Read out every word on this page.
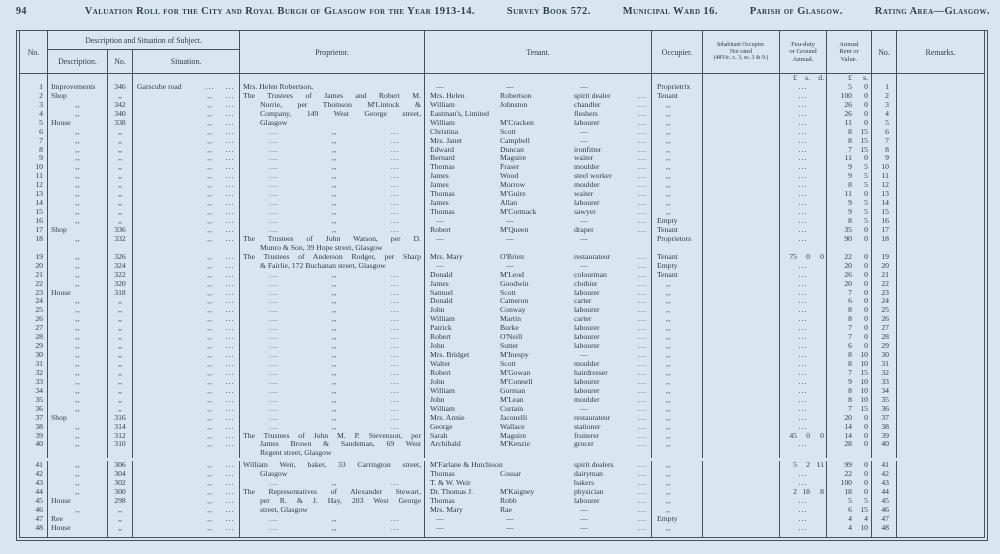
94	Valuation Roll for the City and Royal Burgh of Glasgow for the Year 1913-14.	Survey Book 572.	Municipal Ward 16.	Parish of Glasgow.	Rating Area—Glasgow.
No.
Description and Situation of Subject.
Description.	No.	Situation.
Proprietor.	Tenant.	Occupier.
Inhabitant Occupier.
Not rated
(48Vic. c. 3, ss. 3 & 9.)
Feu-duty
or Ground
Annual.
Annual
Rent or
Value.
No.	Remarks.
£	s.	d.	£	s.
1	Improvements	346	Garscube road	...	...	Mrs. Helen Robertson,	—	—	—	Proprietrix	...	5	0	1
2	Shop	,,	,,	...	The Trustees of James and Robert M.	Mrs. Helen	Robertson	spirit dealer	...	Tenant	...	100	0	2
3	,,	342	,,	...	Norrie, per Thomson M'Lintock &	William	Johnston	chandler	...	,,	...	26	0	3
4	,,	340	,,	...	Company, 149 West George street,	Eastman's, Limited	fleshers	...	,,	...	26	0	4
5	House	338	,,	...	Glasgow	William	M'Cracken	labourer	...	,,	...	11	0	5
6	,,	,,	,,	...	...	,,	...	Christina	Scott	—	...	,,	...	8	15	6
7	,,	,,	,,	...	...	,,	...	Mrs. Janet	Campbell	—	...	,,	...	8	15	7
8	,,	,,	,,	...	...	,,	...	Edward	Duncan	ironfitter	...	,,	...	7	15	8
9	,,	,,	,,	...	...	,,	...	Bernard	Maguire	waiter	...	,,	...	11	0	9
10	,,	,,	,,	...	...	,,	...	Thomas	Fraser	moulder	...	,,	...	9	5	10
11	,,	,,	,,	...	...	,,	...	James	Wood	steel worker	...	,,	...	9	5	11
12	,,	,,	,,	...	...	,,	...	James	Morrow	moulder	...	,,	...	8	5	12
13	,,	,,	,,	...	...	,,	...	Thomas	M'Guire	waiter	...	,,	...	11	0	13
14	,,	,,	,,	...	...	,,	...	James	Allan	labourer	...	,,	...	9	5	14
15	,,	,,	,,	...	...	,,	...	Thomas	M'Cormack	sawyer	...	,,	...	9	5	15
16	,,	,,	,,	...	...	,,	...	—	—	—	...	Empty	...	8	5	16
17	Shop	336	,,	...	...	,,	...	Robert	M'Queen	draper	...	Tenant	...	35	0	17
18	,,	332	,,	...	The Trustees of John Watson, per D.	—	—	—	Proprietors	...	90	0	18
Munro & Son, 39 Hope street, Glasgow
19	,,	326	,,	...	The Trustees of Anderson Rodger, per Sharp	Mrs. Mary	O'Brien	restaurateur	...	Tenant	75	0	0	22	0	19
20	,,	324	,,	...	& Fairlie, 172 Buchanan street, Glasgow	—	—	—	...	Empty	...	20	0	20
21	,,	322	,,	...	...	,,	...	Donald	M'Leod	colourman	...	Tenant	...	26	0	21
22	,,	320	,,	...	...	,,	...	James	Goodwin	clothier	...	,,	...	20	0	22
23	House	318	,,	...	...	,,	...	Samuel	Scott	labourer	...	,,	...	7	0	23
24	,,	,,	,,	...	...	,,	...	Donald	Cameron	carter	...	,,	...	6	0	24
25	,,	,,	,,	...	...	,,	...	John	Conway	labourer	...	,,	...	8	0	25
26	,,	,,	,,	...	...	,,	...	William	Martin	carter	...	,,	...	8	0	26
27	,,	,,	,,	...	...	,,	...	Patrick	Burke	labourer	...	,,	...	7	0	27
28	,,	,,	,,	...	...	,,	...	Robert	O'Neill	labourer	...	,,	...	7	0	28
29	,,	,,	,,	...	...	,,	...	John	Sutter	labourer	...	,,	...	6	0	29
30	,,	,,	,,	...	...	,,	...	Mrs. Bridget	M'Inespy	—	...	,,	...	8	10	30
31	,,	,,	,,	...	...	,,	...	Walter	Scott	moulder	...	,,	...	8	10	31
32	,,	,,	,,	...	...	,,	...	Robert	M'Gowan	hairdresser	...	,,	...	7	15	32
33	,,	,,	,,	...	...	,,	...	John	M'Connell	labourer	...	,,	...	9	10	33
34	,,	,,	,,	...	...	,,	...	William	Gorman	labourer	...	,,	...	8	10	34
35	,,	,,	,,	...	...	,,	...	John	M'Lean	moulder	...	,,	...	8	10	35
36	,,	,,	,,	...	...	,,	...	William	Curtain	—	...	,,	...	7	15	36
37	Shop	316	,,	...	...	,,	...	Mrs. Annie	Jaconelli	restaurateur	...	,,	...	20	0	37
38	,,	314	,,	...	...	,,	...	George	Wallace	stationer	...	,,	...	14	0	38
39	,,	312	,,	...	The Trustees of John M. P. Stevenson, per	Sarah	Maguire	fruiterer	...	,,	45	0	0	14	0	39
40	,,	310	,,	...	James Brown & Sandeman, 69 West	Archibald	M'Kenzie	grocer	...	,,	...	28	0	40
Regent street, Glasgow
41	,,	306	,,	...	William Weir, baker, 33 Carrington street,	M'Farlane & Hutchison	spirit dealers	...	,,	5	2 11	99	0	41
42	,,	304	,,	...	Glasgow	Thomas	Cossar	dairyman	...	,,	...	22	0	42
43	,,	302	,,	...	...	,,	...	T. & W. Weir	bakers	...	,,	...	100	0	43
44	,,	300	,,	...	The Representatives of Alexander Stewart,	Dr. Thomas J.	M'Kaigney	physician	...	,,	2 18	8	18	0	44
45	House	298	,,	...	per R. & J. Hay, 203 West George	Thomas	Robb	labourer	...	,,	...	5	5	45
46	,,	,,	,,	...	street, Glasgow	Mrs. Mary	Rae	—	...	,,	...	6	15	46
47	Ree	,,	,,	...	...	,,	...	—	—	—	...	Empty	...	4	4	47
48	House	,,	,,	...	...	,,	...	—	—	—	...	,,	...	4	10	48
